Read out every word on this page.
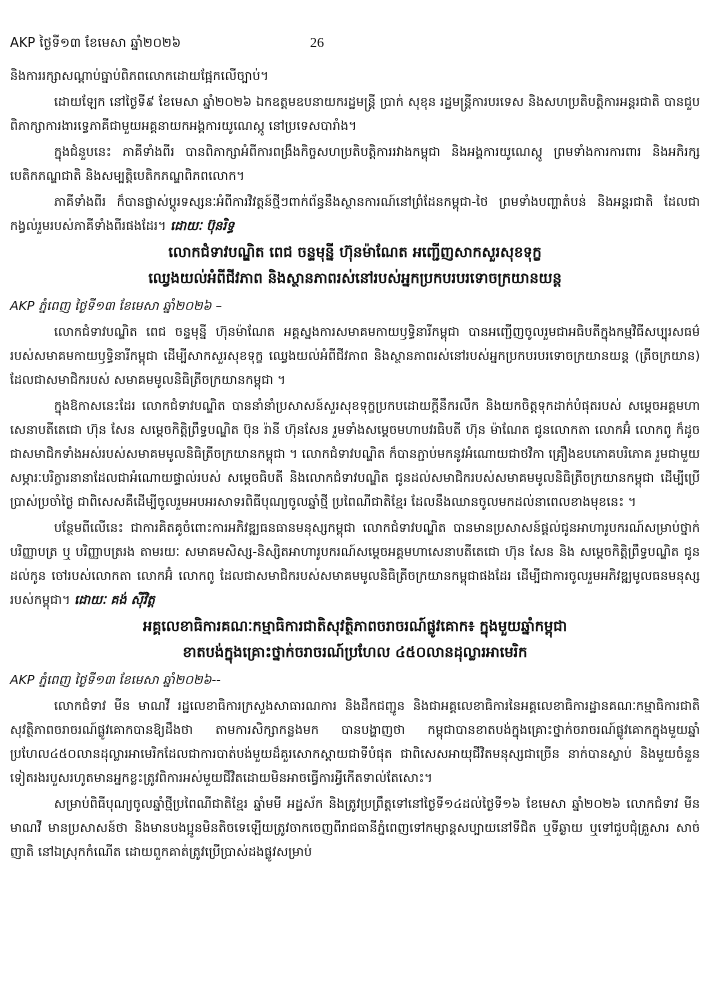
AKP ថ្ងៃទី១៣ ខែមេសា ឆ្នាំ២០២៦	26

និងការរក្សាសណ្ដាប់ធ្នាប់ពិភពលោកដោយផ្អែកលើច្បាប់។

ដោយឡែក នៅថ្ងៃទី៩ ខែមេសា ឆ្នាំ២០២៦ ឯកឧត្តមឧបនាយករដ្ឋមន្ត្រី ប្រាក់ សុខុន រដ្ឋមន្ត្រីការបរទេស និងសហប្រតិបត្តិការអន្តរជាតិ បានជួបពិភាក្សាការងារទ្វេភាគីជាមួយអគ្គនាយកអង្គការយូណេស្កូ នៅប្រទេសបារាំង។

ក្នុងជំនួបនេះ ភាគីទាំងពីរ បានពិភាក្សាអំពីការពង្រឹងកិច្ចសហប្រតិបត្តិការរវាងកម្ពុជា និងអង្គការយូណេស្កូ ព្រមទាំងការការពារ និងអភិរក្សបេតិកភណ្ឌជាតិ និងសម្បត្តិបេតិកភណ្ឌពិភពលោក។

ភាគីទាំងពីរ ក៏បានផ្លាស់ប្ដូរទស្សនៈអំពីការវិវត្តន៍ថ្មីៗពាក់ព័ន្ធនឹងស្ថានការណ៍នៅព្រំដែនកម្ពុជា-ថៃ ព្រមទាំងបញ្ហាតំបន់ និងអន្តរជាតិ ដែលជាកង្វល់រួមរបស់ភាគីទាំងពីរផងដែរ។ ដោយៈ ប៊ុនរិទ្ធ

លោកជំទាវបណ្ឌិត ពេជ ចន្ទមុន្នី ហ៊ុនម៉ាណែត អញ្ជើញសាកសួរសុខទុក្ខ
ឈ្វេងយល់អំពីជីវភាព និងស្ថានភាពរស់នៅរបស់អ្នកប្រកបរបរទោចក្រយានយន្ត
AKP ភ្នំពេញ ថ្ងៃទី១៣ ខែមេសា ឆ្នាំ២០២៦ –

លោកជំទាវបណ្ឌិត ពេជ ចន្ទមុន្នី ហ៊ុនម៉ាណែត អគ្គស្នងការសមាគមកាយឫទ្ធិនារីកម្ពុជា បានអញ្ជើញចូលរួមជាអធិបតីក្នុងកម្មវិធីសប្បុរសធម៌របស់សមាគមកាយឫទ្ធិនារីកម្ពុជា ដើម្បីសាកសួរសុខទុក្ខ ឈ្វេងយល់អំពីជីវភាព និងស្ថានភាពរស់នៅរបស់អ្នកប្រកបរបរទោចក្រយានយន្ត (ត្រីចក្រយាន) ដែលជាសមាជិករបស់ សមាគមមូលនិធិត្រីចក្រយានកម្ពុជា ។

ក្នុងឱកាសនេះដែរ លោកជំទាវបណ្ឌិត បាននាំនាំប្រសាសន៍សួរសុខទុក្ខប្រកបដោយក្ដីនឹករលឹក និងយកចិត្តទុកដាក់បំផុតរបស់ សម្ដេចអគ្គមហាសេនាបតីតេជោ ហ៊ុន សែន សម្ដេចកិត្តិព្រឹទ្ធបណ្ឌិត ប៊ុន រ៉ានី ហ៊ុនសែន រួមទាំងសម្ដេចមហាបវរធិបតី ហ៊ុន ម៉ាណែត ជូនលោកតា លោកអ៊ំ លោកពូ ក៏ដូចជាសមាជិកទាំងអស់របស់សមាគមមូលនិធិត្រីចក្រយានកម្ពុជា ។ លោកជំទាវបណ្ឌិត ក៏បានភ្ជាប់មកនូវអំណោយជាថវិកា គ្រឿងឧបភោគបរិភោគ រួមជាមួយសម្ភារៈបរិក្ខារនានាដែលជាអំណោយផ្ទាល់របស់ សម្ដេចធិបតី និងលោកជំទាវបណ្ឌិត ជូនដល់សមាជិករបស់សមាគមមូលនិធិត្រីចក្រយានកម្ពុជា ដើម្បីប្រើប្រាស់ប្រចាំថ្ងៃ ជាពិសេសគឺដើម្បីចូលរួមអបអរសាទរពិធីបុណ្យចូលឆ្នាំថ្មី ប្រពៃណីជាតិខ្មែរ ដែលនឹងឈានចូលមកដល់នាពេលខាងមុខនេះ ។

បន្ថែមពីលើនេះ ជាការគិតគូចំពោះការអភិវឌ្ឍធនធានមនុស្សកម្ពុជា លោកជំទាវបណ្ឌិត បានមានប្រសាសន៍ផ្ដល់ជូនអាហារូបករណ៍សម្រាប់ថ្នាក់បរិញ្ញាបត្រ ឬ បរិញ្ញាបត្ររង តាមរយៈ សមាគមសិស្ស-និស្សិតអាហារូបករណ៍សម្ដេចអគ្គមហាសេនាបតីតេជោ ហ៊ុន សែន និង សម្ដេចកិត្តិព្រឹទ្ធបណ្ឌិត ជូនដល់កូន ចៅរបស់លោកតា លោកអ៊ំ លោកពូ ដែលជាសមាជិករបស់សមាគមមូលនិធិត្រីចក្រយានកម្ពុជាផងដែរ ដើម្បីជាការចូលរួមអភិវឌ្ឍមូលធនមនុស្សរបស់កម្ពុជា។ ដោយៈ គង់ ស៊ីវិត្ត

អគ្គលេខាធិការគណៈកម្មាធិការជាតិសុវត្ថិភាពចរាចរណ៍ផ្លូវគោក៖ ក្នុងមួយឆ្នាំកម្ពុជា
ខាតបង់ក្នុងគ្រោះថ្នាក់ចរាចរណ៍ប្រហែល ៤៥០លានដុល្លារអាមេរិក
AKP ភ្នំពេញ ថ្ងៃទី១៣ ខែមេសា ឆ្នាំ២០២៦--

លោកជំទាវ មីន មាណវី រដ្ឋលេខាធិការក្រសួងសាធារណការ និងដឹកជញ្ជូន និងជាអគ្គលេខាធិការនៃអគ្គលេខាធិការដ្ឋានគណៈកម្មាធិការជាតិសុវត្ថិភាពចរាចរណ៍ផ្លូវគោកបានឱ្យដឹងថា តាមការសិក្សាកន្លងមក បានបង្ហាញថា កម្ពុជាបានខាតបង់ក្នុងគ្រោះថ្នាក់ចរាចរណ៍ផ្លូវគោកក្នុងមួយឆ្នាំ ប្រហែល៤៥០លានដុល្លារអាមេរិកដែលជាការបាត់បង់មួយដ៏គួរសោកស្ដាយជាទីបំផុត ជាពិសេសអាយុជីវិតមនុស្សជាច្រើន នាក់បានស្លាប់ និងមួយចំនួនទៀតរងរបួសរហូតមានអ្នកខ្លះត្រូវពិការអស់មួយជីវិតដោយមិនអាចធ្វើការអ្វីកើតទាល់តែសោះ។

សម្រាប់ពិធីបុណ្យចូលឆ្នាំថ្មីប្រពៃណីជាតិខ្មែរ ឆ្នាំមមី អដ្ឋស័ក និងត្រូវប្រព្រឹត្តទៅនៅថ្ងៃទី១៤ដល់ថ្ងៃទី១៦ ខែមេសា ឆ្នាំ២០២៦ លោកជំទាវ មីន មាណវី មានប្រសាសន៍ថា និងមានបងប្អូនមិនតិចទេឡើយត្រូវចាកចេញពីរាជធានីភ្នំពេញទៅកម្សាន្តសប្បាយនៅទីជិត ឬទីឆ្ងាយ ឬទៅជួបជុំគ្រួសារ សាច់ញាតិ នៅឯស្រុកកំណើត ដោយពួកគាត់ត្រូវប្រើប្រាស់ដងផ្លូវសម្រាប់
